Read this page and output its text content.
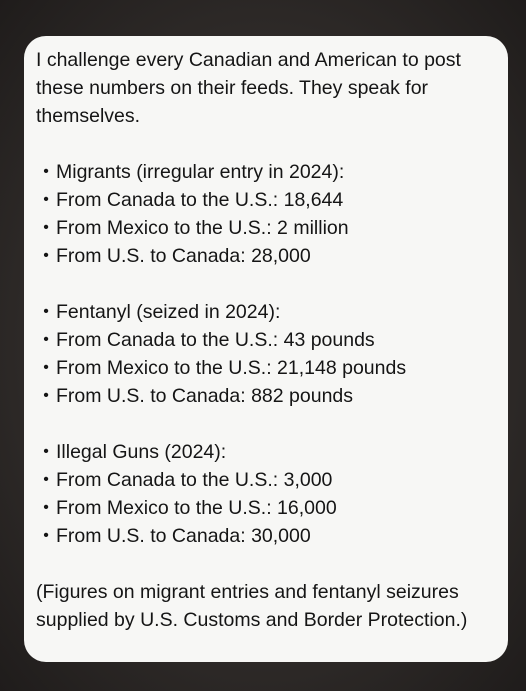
I challenge every Canadian and American to post these numbers on their feeds. They speak for themselves.

• Migrants (irregular entry in 2024):
• From Canada to the U.S.: 18,644
• From Mexico to the U.S.: 2 million
• From U.S. to Canada: 28,000
• Fentanyl (seized in 2024):
• From Canada to the U.S.: 43 pounds
• From Mexico to the U.S.: 21,148 pounds
• From U.S. to Canada: 882 pounds
• Illegal Guns (2024):
• From Canada to the U.S.: 3,000
• From Mexico to the U.S.: 16,000
• From U.S. to Canada: 30,000

(Figures on migrant entries and fentanyl seizures supplied by U.S. Customs and Border Protection.)
